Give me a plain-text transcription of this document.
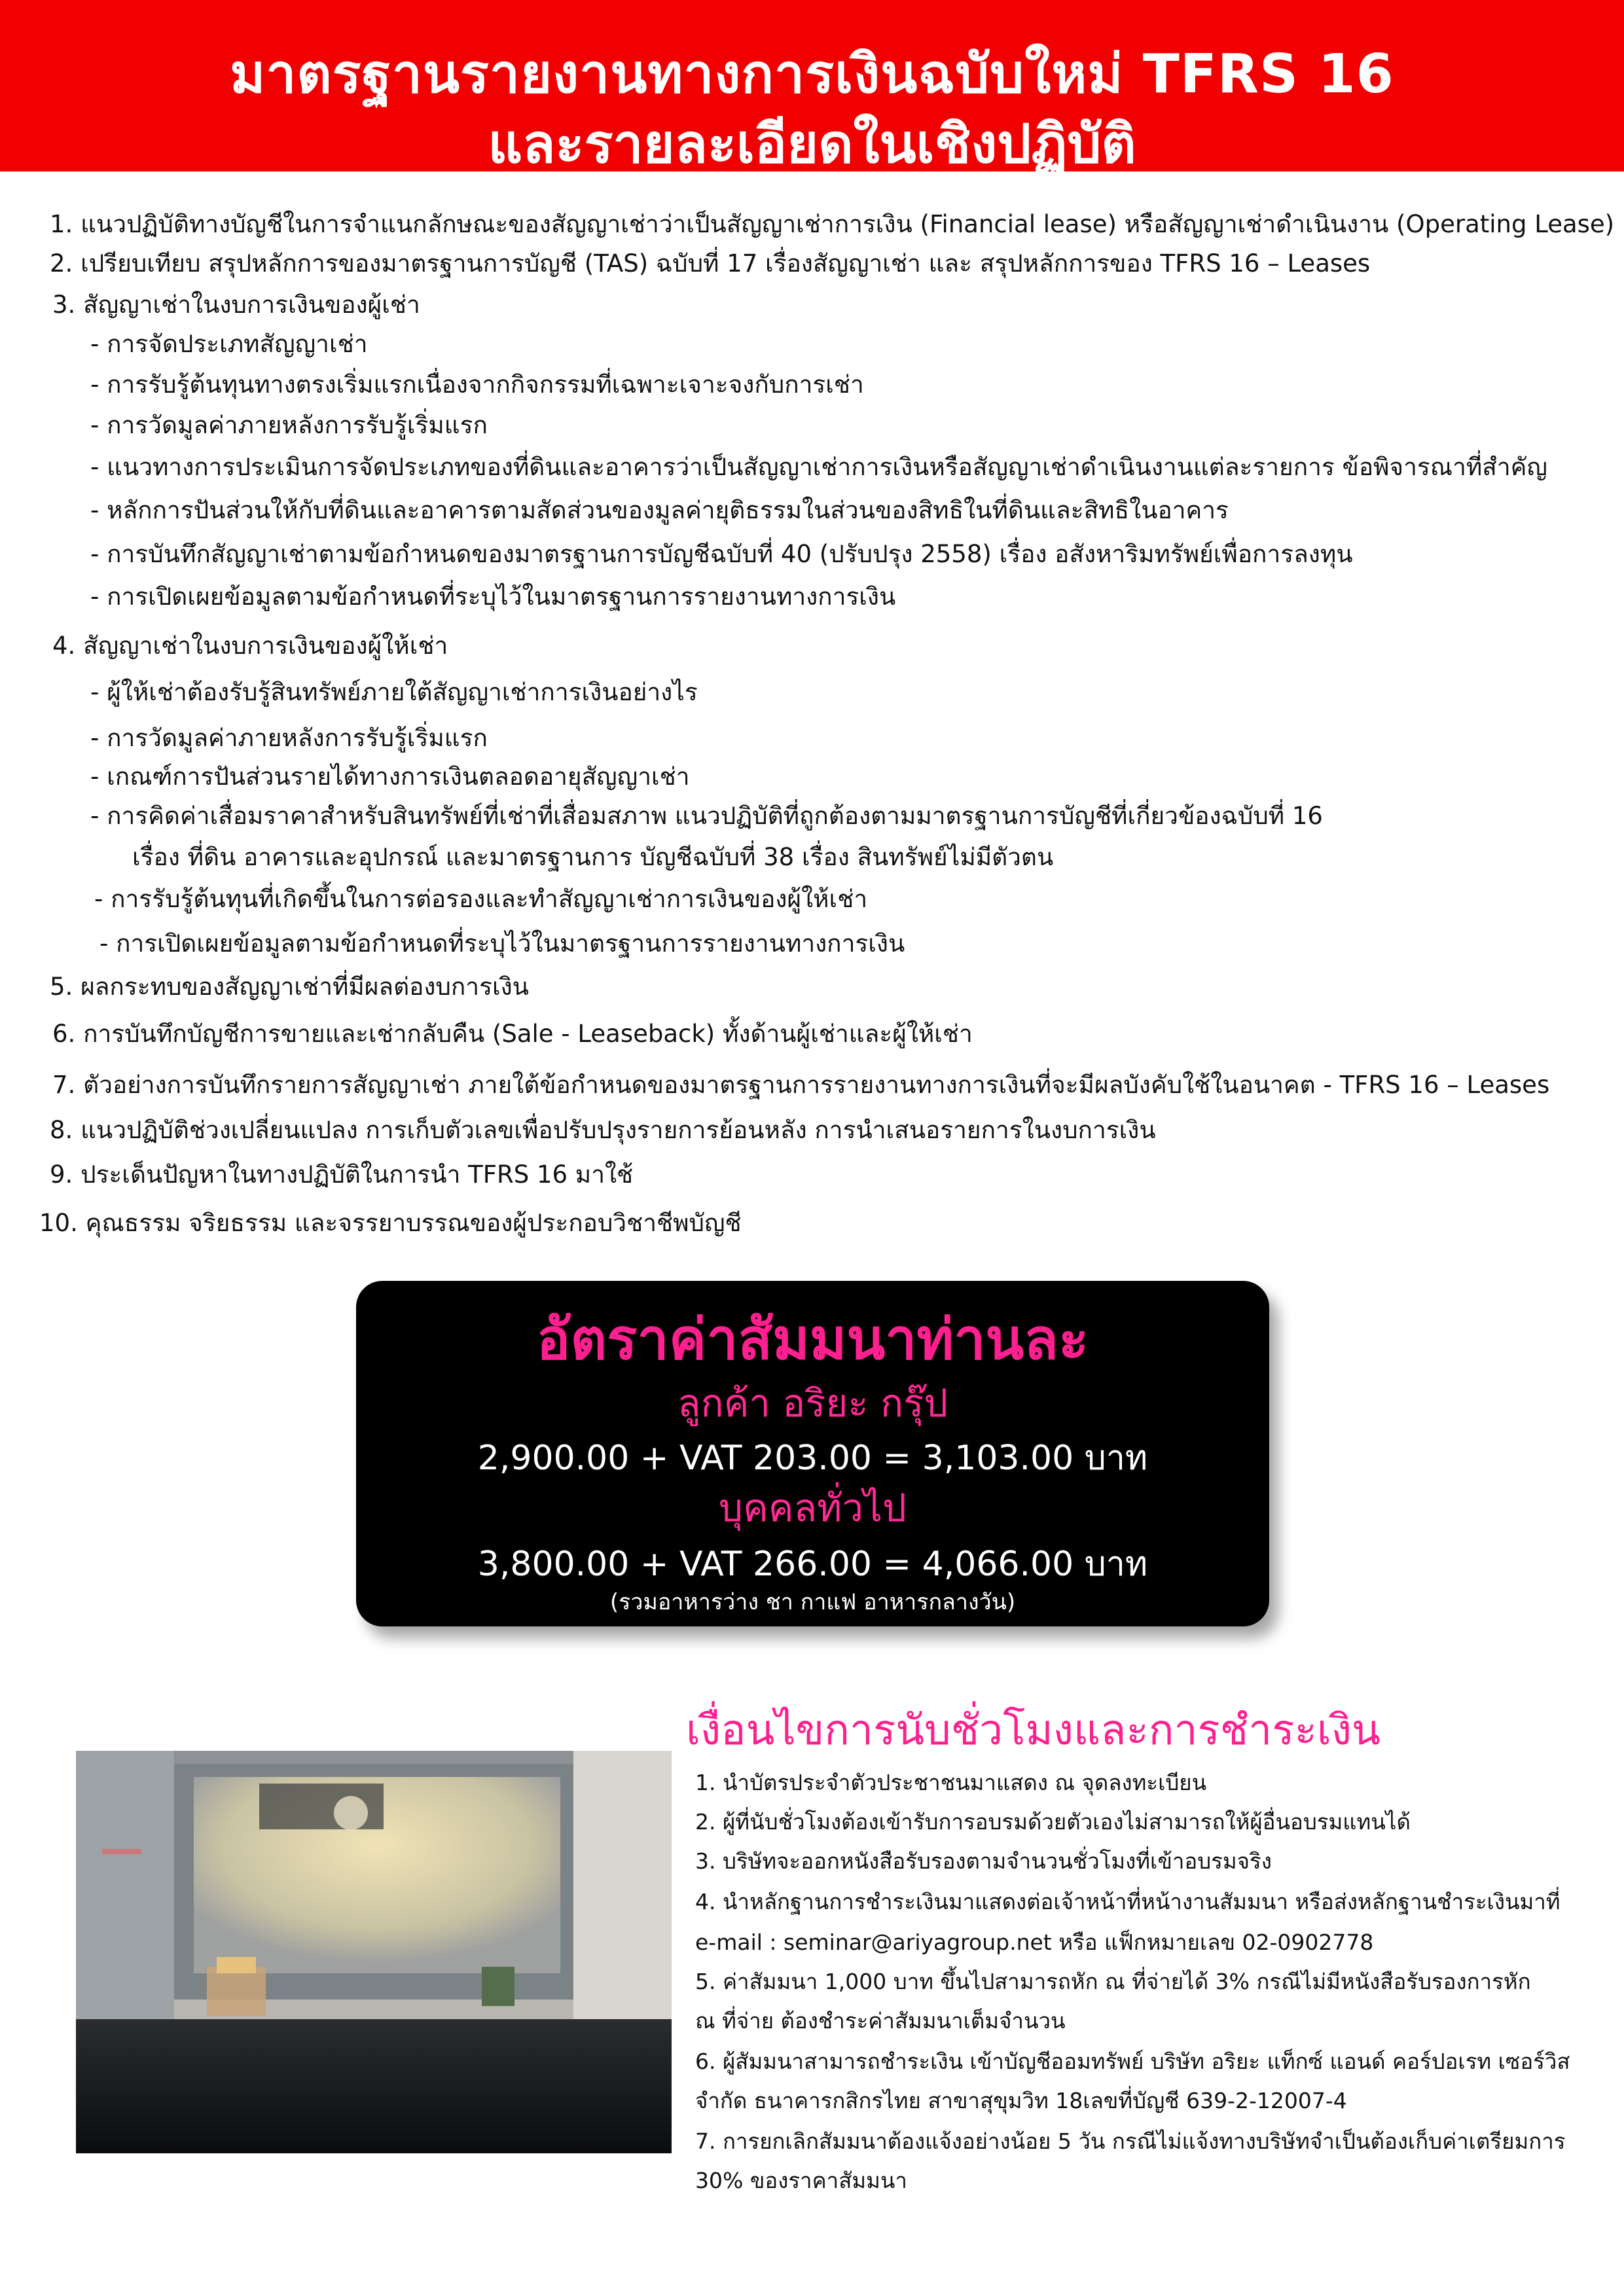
มาตรฐานรายงานทางการเงินฉบับใหม่ TFRS 16
และรายละเอียดในเชิงปฏิบัติ
1. แนวปฏิบัติทางบัญชีในการจำแนกลักษณะของสัญญาเช่าว่าเป็นสัญญาเช่าการเงิน (Financial lease) หรือสัญญาเช่าดำเนินงาน (Operating Lease)
2. เปรียบเทียบ สรุปหลักการของมาตรฐานการบัญชี (TAS) ฉบับที่ 17 เรื่องสัญญาเช่า และ สรุปหลักการของ TFRS 16 – Leases
3. สัญญาเช่าในงบการเงินของผู้เช่า
- การจัดประเภทสัญญาเช่า
- การรับรู้ต้นทุนทางตรงเริ่มแรกเนื่องจากกิจกรรมที่เฉพาะเจาะจงกับการเช่า
- การวัดมูลค่าภายหลังการรับรู้เริ่มแรก
- แนวทางการประเมินการจัดประเภทของที่ดินและอาคารว่าเป็นสัญญาเช่าการเงินหรือสัญญาเช่าดำเนินงานแต่ละรายการ ข้อพิจารณาที่สำคัญ
- หลักการปันส่วนให้กับที่ดินและอาคารตามสัดส่วนของมูลค่ายุติธรรมในส่วนของสิทธิในที่ดินและสิทธิในอาคาร
- การบันทึกสัญญาเช่าตามข้อกำหนดของมาตรฐานการบัญชีฉบับที่ 40 (ปรับปรุง 2558) เรื่อง อสังหาริมทรัพย์เพื่อการลงทุน
- การเปิดเผยข้อมูลตามข้อกำหนดที่ระบุไว้ในมาตรฐานการรายงานทางการเงิน
4. สัญญาเช่าในงบการเงินของผู้ให้เช่า
- ผู้ให้เช่าต้องรับรู้สินทรัพย์ภายใต้สัญญาเช่าการเงินอย่างไร
- การวัดมูลค่าภายหลังการรับรู้เริ่มแรก
- เกณฑ์การปันส่วนรายได้ทางการเงินตลอดอายุสัญญาเช่า
- การคิดค่าเสื่อมราคาสำหรับสินทรัพย์ที่เช่าที่เสื่อมสภาพ แนวปฏิบัติที่ถูกต้องตามมาตรฐานการบัญชีที่เกี่ยวข้องฉบับที่ 16
เรื่อง ที่ดิน อาคารและอุปกรณ์ และมาตรฐานการ บัญชีฉบับที่ 38 เรื่อง สินทรัพย์ไม่มีตัวตน
- การรับรู้ต้นทุนที่เกิดขึ้นในการต่อรองและทำสัญญาเช่าการเงินของผู้ให้เช่า
- การเปิดเผยข้อมูลตามข้อกำหนดที่ระบุไว้ในมาตรฐานการรายงานทางการเงิน
5. ผลกระทบของสัญญาเช่าที่มีผลต่องบการเงิน
6. การบันทึกบัญชีการขายและเช่ากลับคืน (Sale - Leaseback) ทั้งด้านผู้เช่าและผู้ให้เช่า
7. ตัวอย่างการบันทึกรายการสัญญาเช่า ภายใต้ข้อกำหนดของมาตรฐานการรายงานทางการเงินที่จะมีผลบังคับใช้ในอนาคต - TFRS 16 – Leases
8. แนวปฏิบัติช่วงเปลี่ยนแปลง การเก็บตัวเลขเพื่อปรับปรุงรายการย้อนหลัง การนำเสนอรายการในงบการเงิน
9. ประเด็นปัญหาในทางปฏิบัติในการนำ TFRS 16 มาใช้
10. คุณธรรม จริยธรรม และจรรยาบรรณของผู้ประกอบวิชาชีพบัญชี
อัตราค่าสัมมนาท่านละ
ลูกค้า อริยะ กรุ๊ป
2,900.00 + VAT 203.00 = 3,103.00 บาท
บุคคลทั่วไป
3,800.00 + VAT 266.00 = 4,066.00 บาท
(รวมอาหารว่าง ชา กาแฟ อาหารกลางวัน)
เงื่อนไขการนับชั่วโมงและการชำระเงิน
1. นำบัตรประจำตัวประชาชนมาแสดง ณ จุดลงทะเบียน
2. ผู้ที่นับชั่วโมงต้องเข้ารับการอบรมด้วยตัวเองไม่สามารถให้ผู้อื่นอบรมแทนได้
3. บริษัทจะออกหนังสือรับรองตามจำนวนชั่วโมงที่เข้าอบรมจริง
4. นำหลักฐานการชำระเงินมาแสดงต่อเจ้าหน้าที่หน้างานสัมมนา หรือส่งหลักฐานชำระเงินมาที่
e-mail : seminar@ariyagroup.net หรือ แฟ็กหมายเลข 02-0902778
5. ค่าสัมมนา 1,000 บาท ขึ้นไปสามารถหัก ณ ที่จ่ายได้ 3% กรณีไม่มีหนังสือรับรองการหัก
ณ ที่จ่าย ต้องชำระค่าสัมมนาเต็มจำนวน
6. ผู้สัมมนาสามารถชำระเงิน เข้าบัญชีออมทรัพย์ บริษัท อริยะ แท็กซ์ แอนด์ คอร์ปอเรท เซอร์วิส
จำกัด ธนาคารกสิกรไทย สาขาสุขุมวิท 18เลขที่บัญชี 639-2-12007-4
7. การยกเลิกสัมมนาต้องแจ้งอย่างน้อย 5 วัน กรณีไม่แจ้งทางบริษัทจำเป็นต้องเก็บค่าเตรียมการ
30% ของราคาสัมมนา
